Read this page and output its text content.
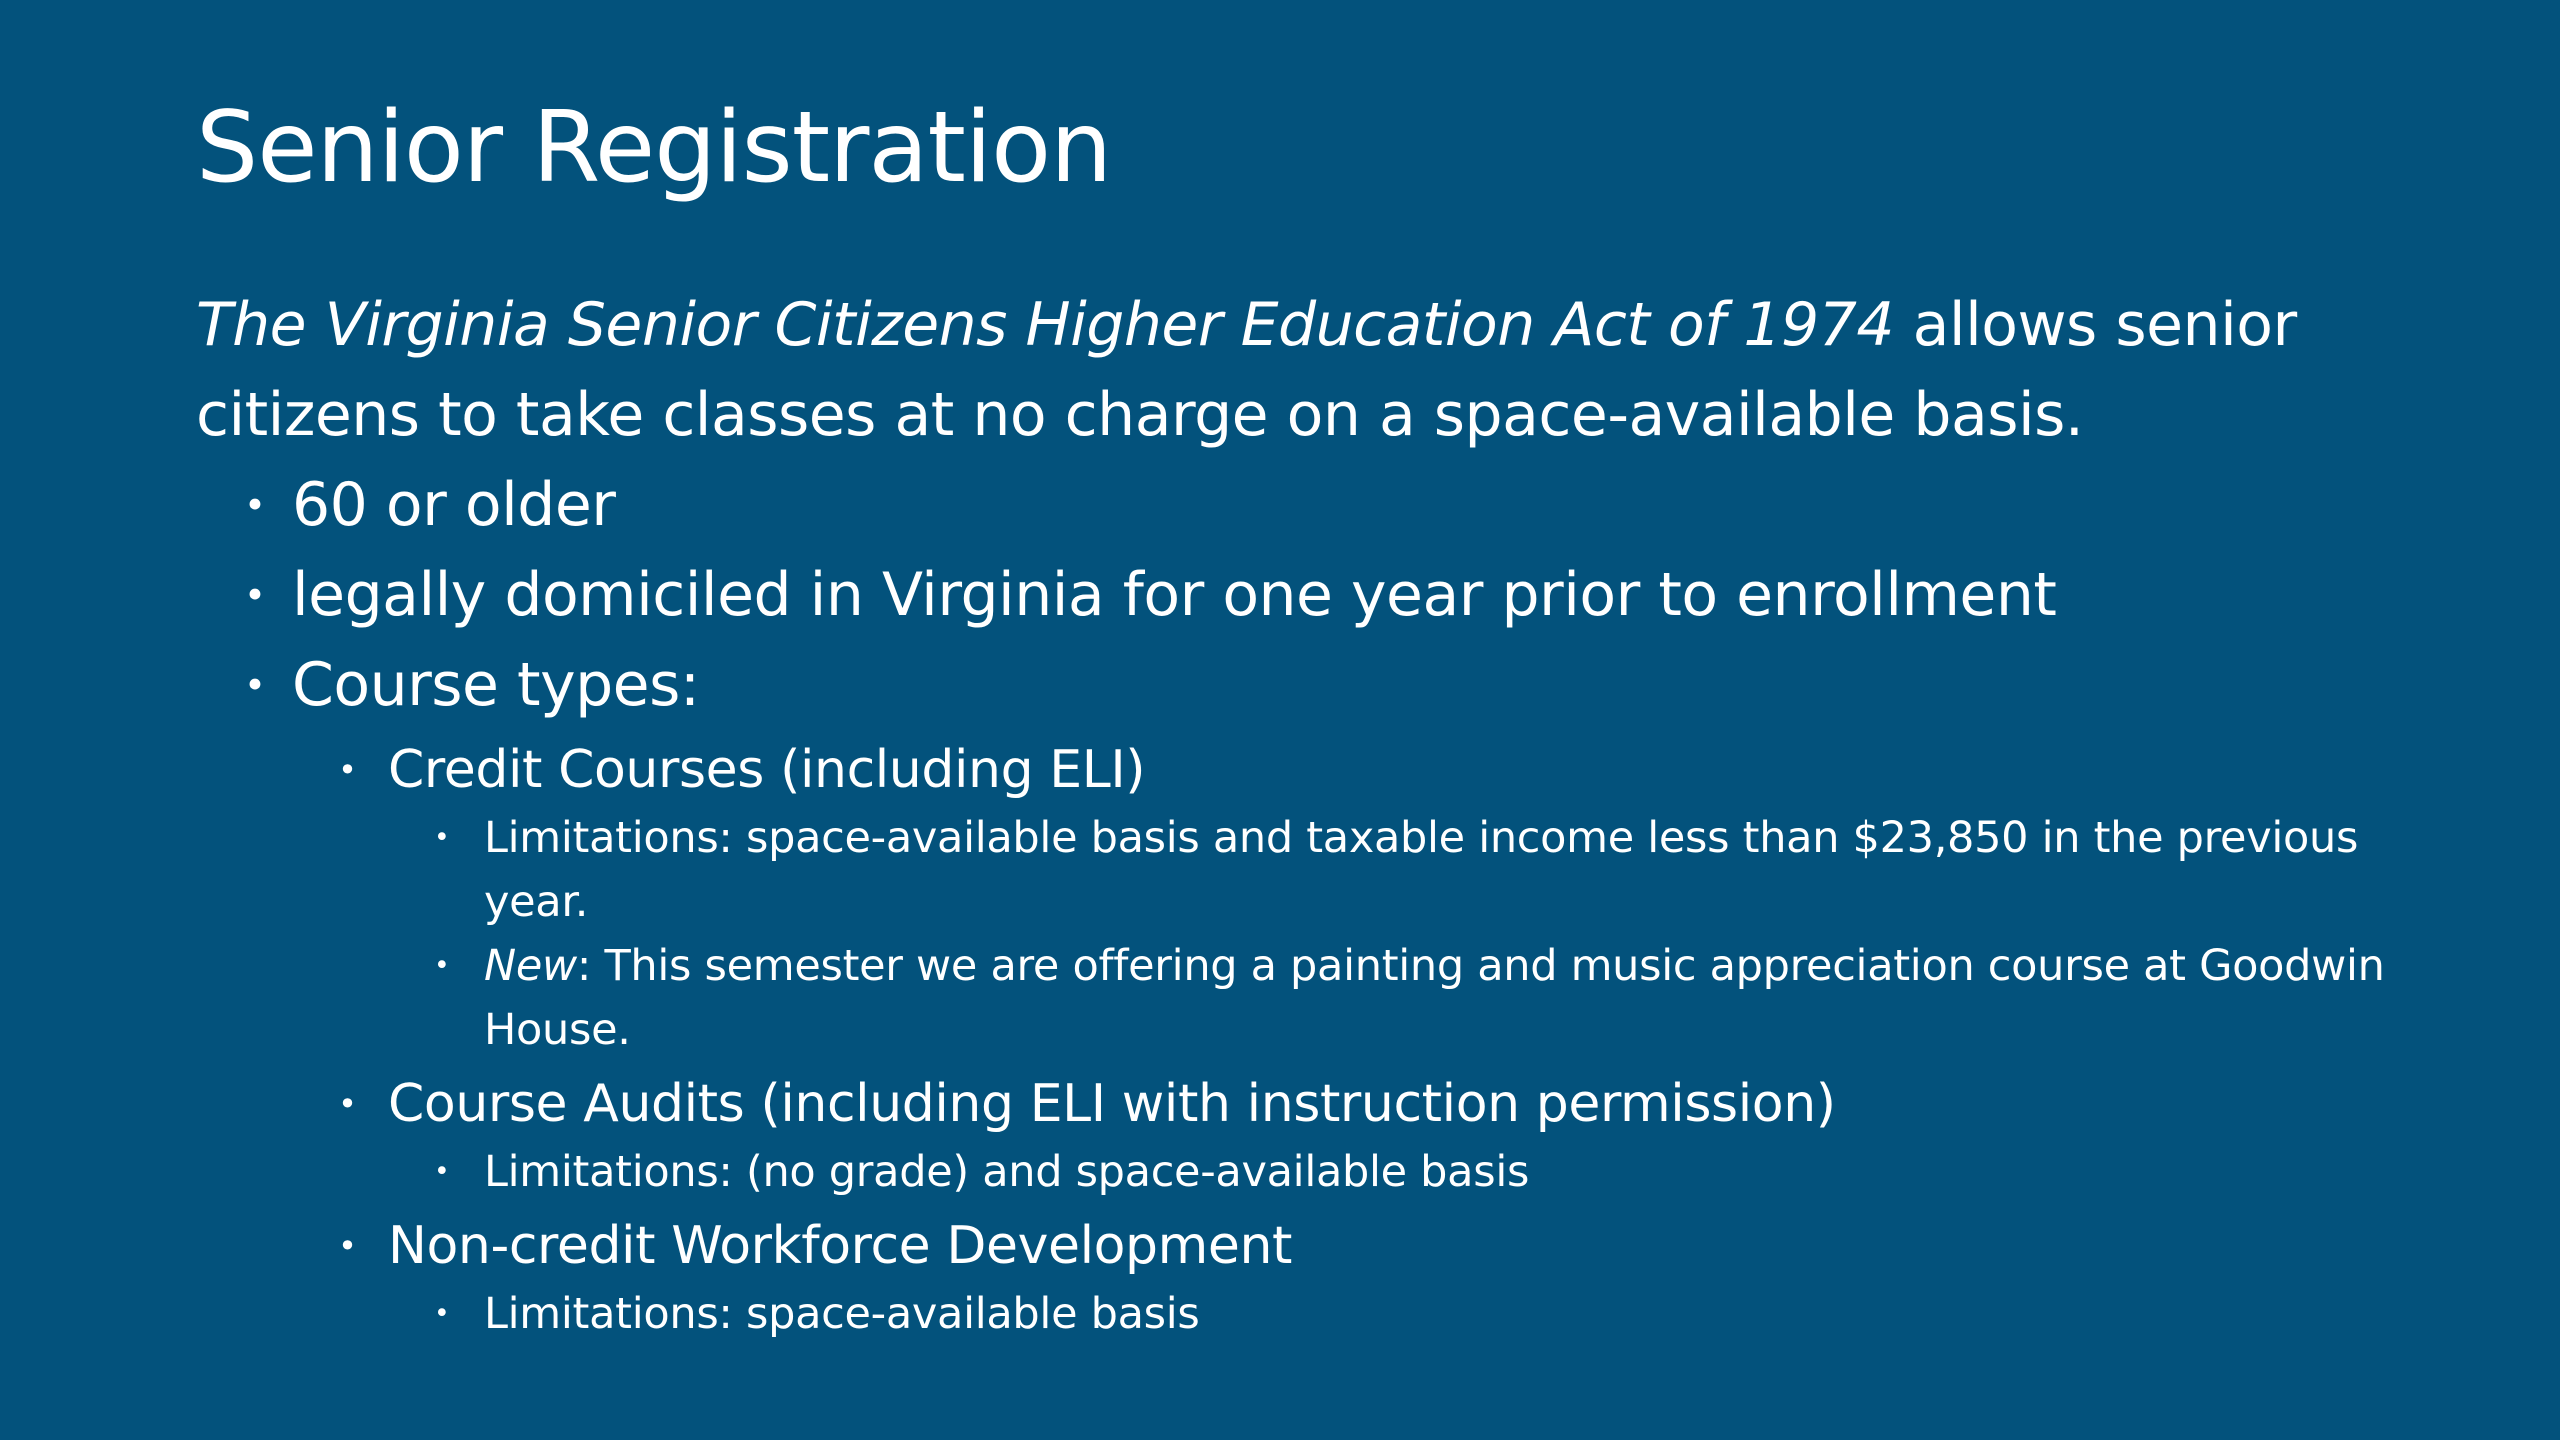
Senior Registration

The Virginia Senior Citizens Higher Education Act of 1974 allows senior citizens to take classes at no charge on a space-available basis.

• 60 or older
• legally domiciled in Virginia for one year prior to enrollment
• Course types:
• Credit Courses (including ELI)
• Limitations: space-available basis and taxable income less than $23,850 in the previous year.
• New: This semester we are offering a painting and music appreciation course at Goodwin House.
• Course Audits (including ELI with instruction permission)
• Limitations: (no grade) and space-available basis
• Non-credit Workforce Development
• Limitations: space-available basis
